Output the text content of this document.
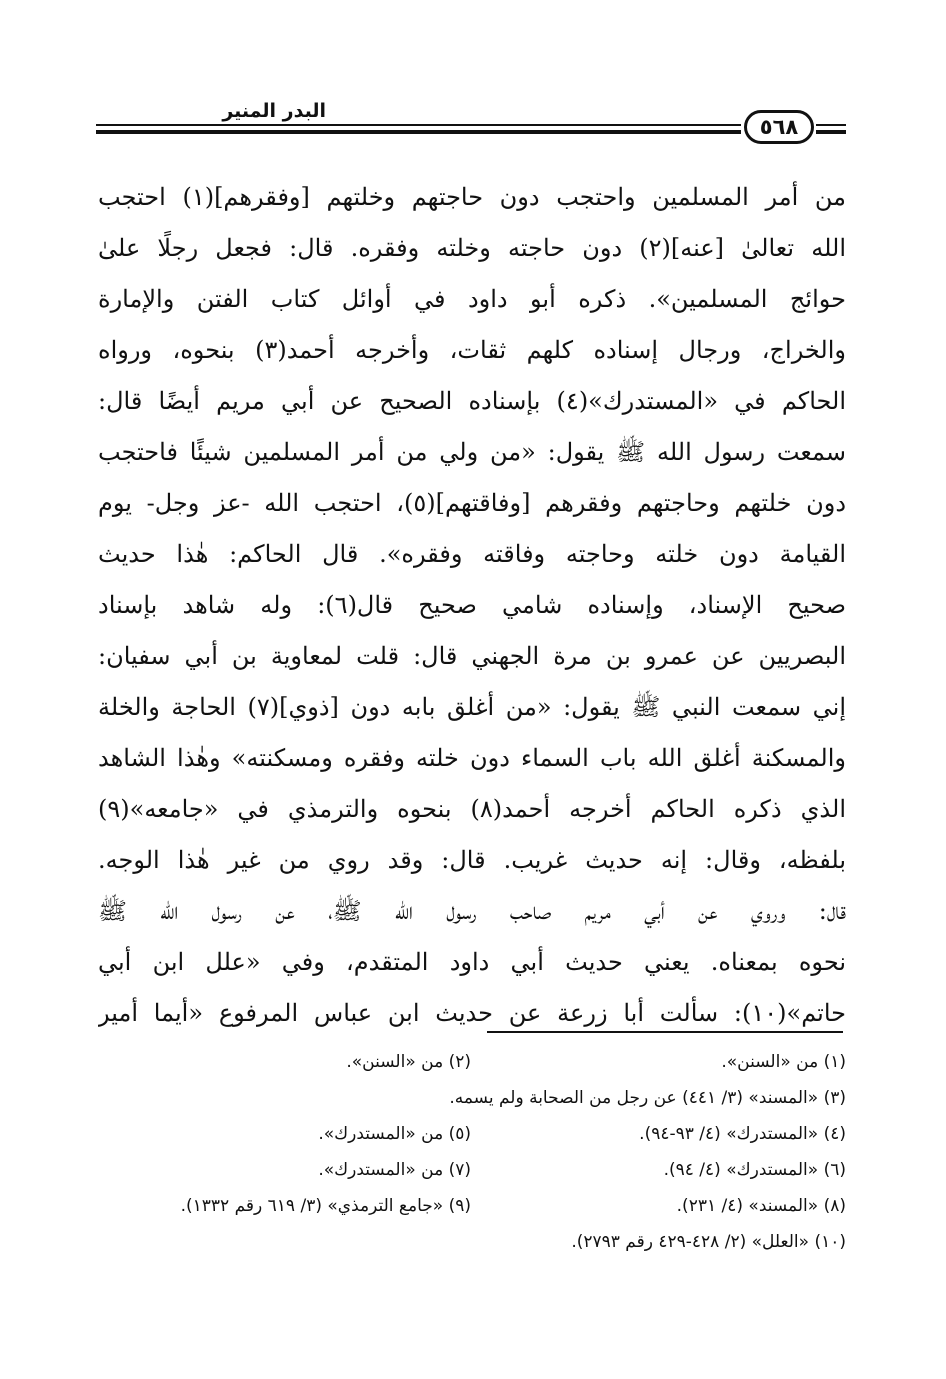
البدر المنير
٥٦٨
من أمر المسلمين واحتجب دون حاجتهم وخلتهم [وفقرهم](١) احتجب
الله تعالىٰ [عنه](٢) دون حاجته وخلته وفقره. قال: فجعل رجلًا علىٰ
حوائج المسلمين». ذكره أبو داود في أوائل كتاب الفتن والإمارة
والخراج، ورجال إسناده كلهم ثقات، وأخرجه أحمد(٣) بنحوه، ورواه
الحاكم في «المستدرك»(٤) بإسناده الصحيح عن أبي مريم أيضًا قال:
سمعت رسول الله ﷺ يقول: «من ولي من أمر المسلمين شيئًا فاحتجب
دون خلتهم وحاجتهم وفقرهم [وفاقتهم](٥)، احتجب الله -عز وجل- يوم
القيامة دون خلته وحاجته وفاقته وفقره». قال الحاكم: هٰذا حديث
صحيح الإسناد، وإسناده شامي صحيح قال(٦): وله شاهد بإسناد
البصريين عن عمرو بن مرة الجهني قال: قلت لمعاوية بن أبي سفيان:
إني سمعت النبي ﷺ يقول: «من أغلق بابه دون [ذوي](٧) الحاجة والخلة
والمسكنة أغلق الله باب السماء دون خلته وفقره ومسكنته» وهٰذا الشاهد
الذي ذكره الحاكم أخرجه أحمد(٨) بنحوه والترمذي في «جامعه»(٩)
بلفظه، وقال: إنه حديث غريب. قال: وقد روي من غير هٰذا الوجه.
قال: وروي عن أبي مريم صاحب رسول الله ﷺ، عن رسول الله ﷺ
نحوه بمعناه. يعني حديث أبي داود المتقدم، وفي «علل ابن أبي
حاتم»(١٠): سألت أبا زرعة عن حديث ابن عباس المرفوع «أيما أمير
(١) من «السنن».
(٢) من «السنن».
(٣) «المسند» (٣/ ٤٤١) عن رجل من الصحابة ولم يسمه.
(٤) «المستدرك» (٤/ ٩٣-٩٤).
(٥) من «المستدرك».
(٦) «المستدرك» (٤/ ٩٤).
(٧) من «المستدرك».
(٨) «المسند» (٤/ ٢٣١).
(٩) «جامع الترمذي» (٣/ ٦١٩ رقم ١٣٣٢).
(١٠) «العلل» (٢/ ٤٢٨-٤٢٩ رقم ٢٧٩٣).
